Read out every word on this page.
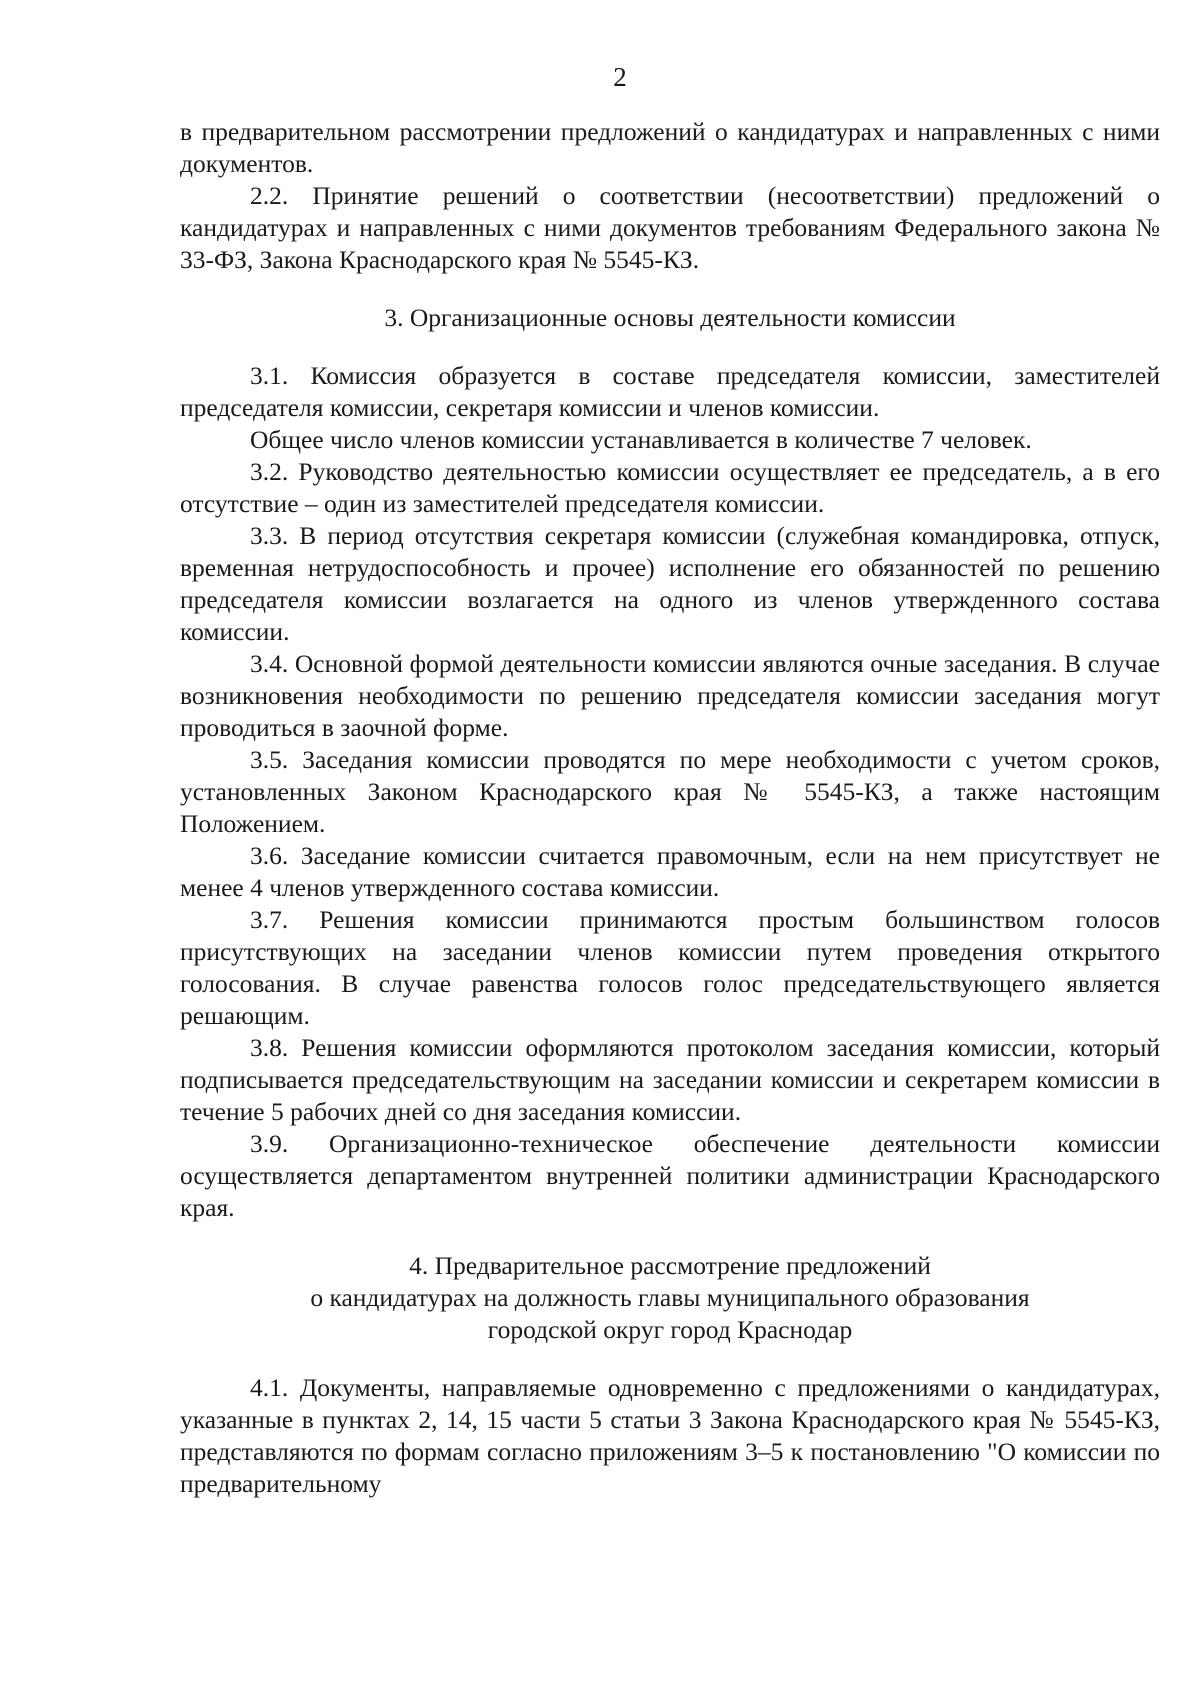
2

в предварительном рассмотрении предложений о кандидатурах и направленных с ними документов.

2.2. Принятие решений о соответствии (несоответствии) предложений о кандидатурах и направленных с ними документов требованиям Федерального закона № 33-ФЗ, Закона Краснодарского края № 5545-КЗ.

3. Организационные основы деятельности комиссии

3.1. Комиссия образуется в составе председателя комиссии, заместителей председателя комиссии, секретаря комиссии и членов комиссии.

Общее число членов комиссии устанавливается в количестве 7 человек.

3.2. Руководство деятельностью комиссии осуществляет ее председатель, а в его отсутствие – один из заместителей председателя комиссии.

3.3. В период отсутствия секретаря комиссии (служебная командировка, отпуск, временная нетрудоспособность и прочее) исполнение его обязанностей по решению председателя комиссии возлагается на одного из членов утвержденного состава комиссии.

3.4. Основной формой деятельности комиссии являются очные заседания. В случае возникновения необходимости по решению председателя комиссии заседания могут проводиться в заочной форме.

3.5. Заседания комиссии проводятся по мере необходимости с учетом сроков, установленных Законом Краснодарского края № 5545-КЗ, а также настоящим Положением.

3.6. Заседание комиссии считается правомочным, если на нем присутствует не менее 4 членов утвержденного состава комиссии.

3.7. Решения комиссии принимаются простым большинством голосов присутствующих на заседании членов комиссии путем проведения открытого голосования. В случае равенства голосов голос председательствующего является решающим.

3.8. Решения комиссии оформляются протоколом заседания комиссии, который подписывается председательствующим на заседании комиссии и секретарем комиссии в течение 5 рабочих дней со дня заседания комиссии.

3.9. Организационно-техническое обеспечение деятельности комиссии осуществляется департаментом внутренней политики администрации Краснодарского края.

4. Предварительное рассмотрение предложений
о кандидатурах на должность главы муниципального образования
городской округ город Краснодар

4.1. Документы, направляемые одновременно с предложениями о кандидатурах, указанные в пунктах 2, 14, 15 части 5 статьи 3 Закона Краснодарского края № 5545-КЗ, представляются по формам согласно приложениям 3–5 к постановлению "О комиссии по предварительному
